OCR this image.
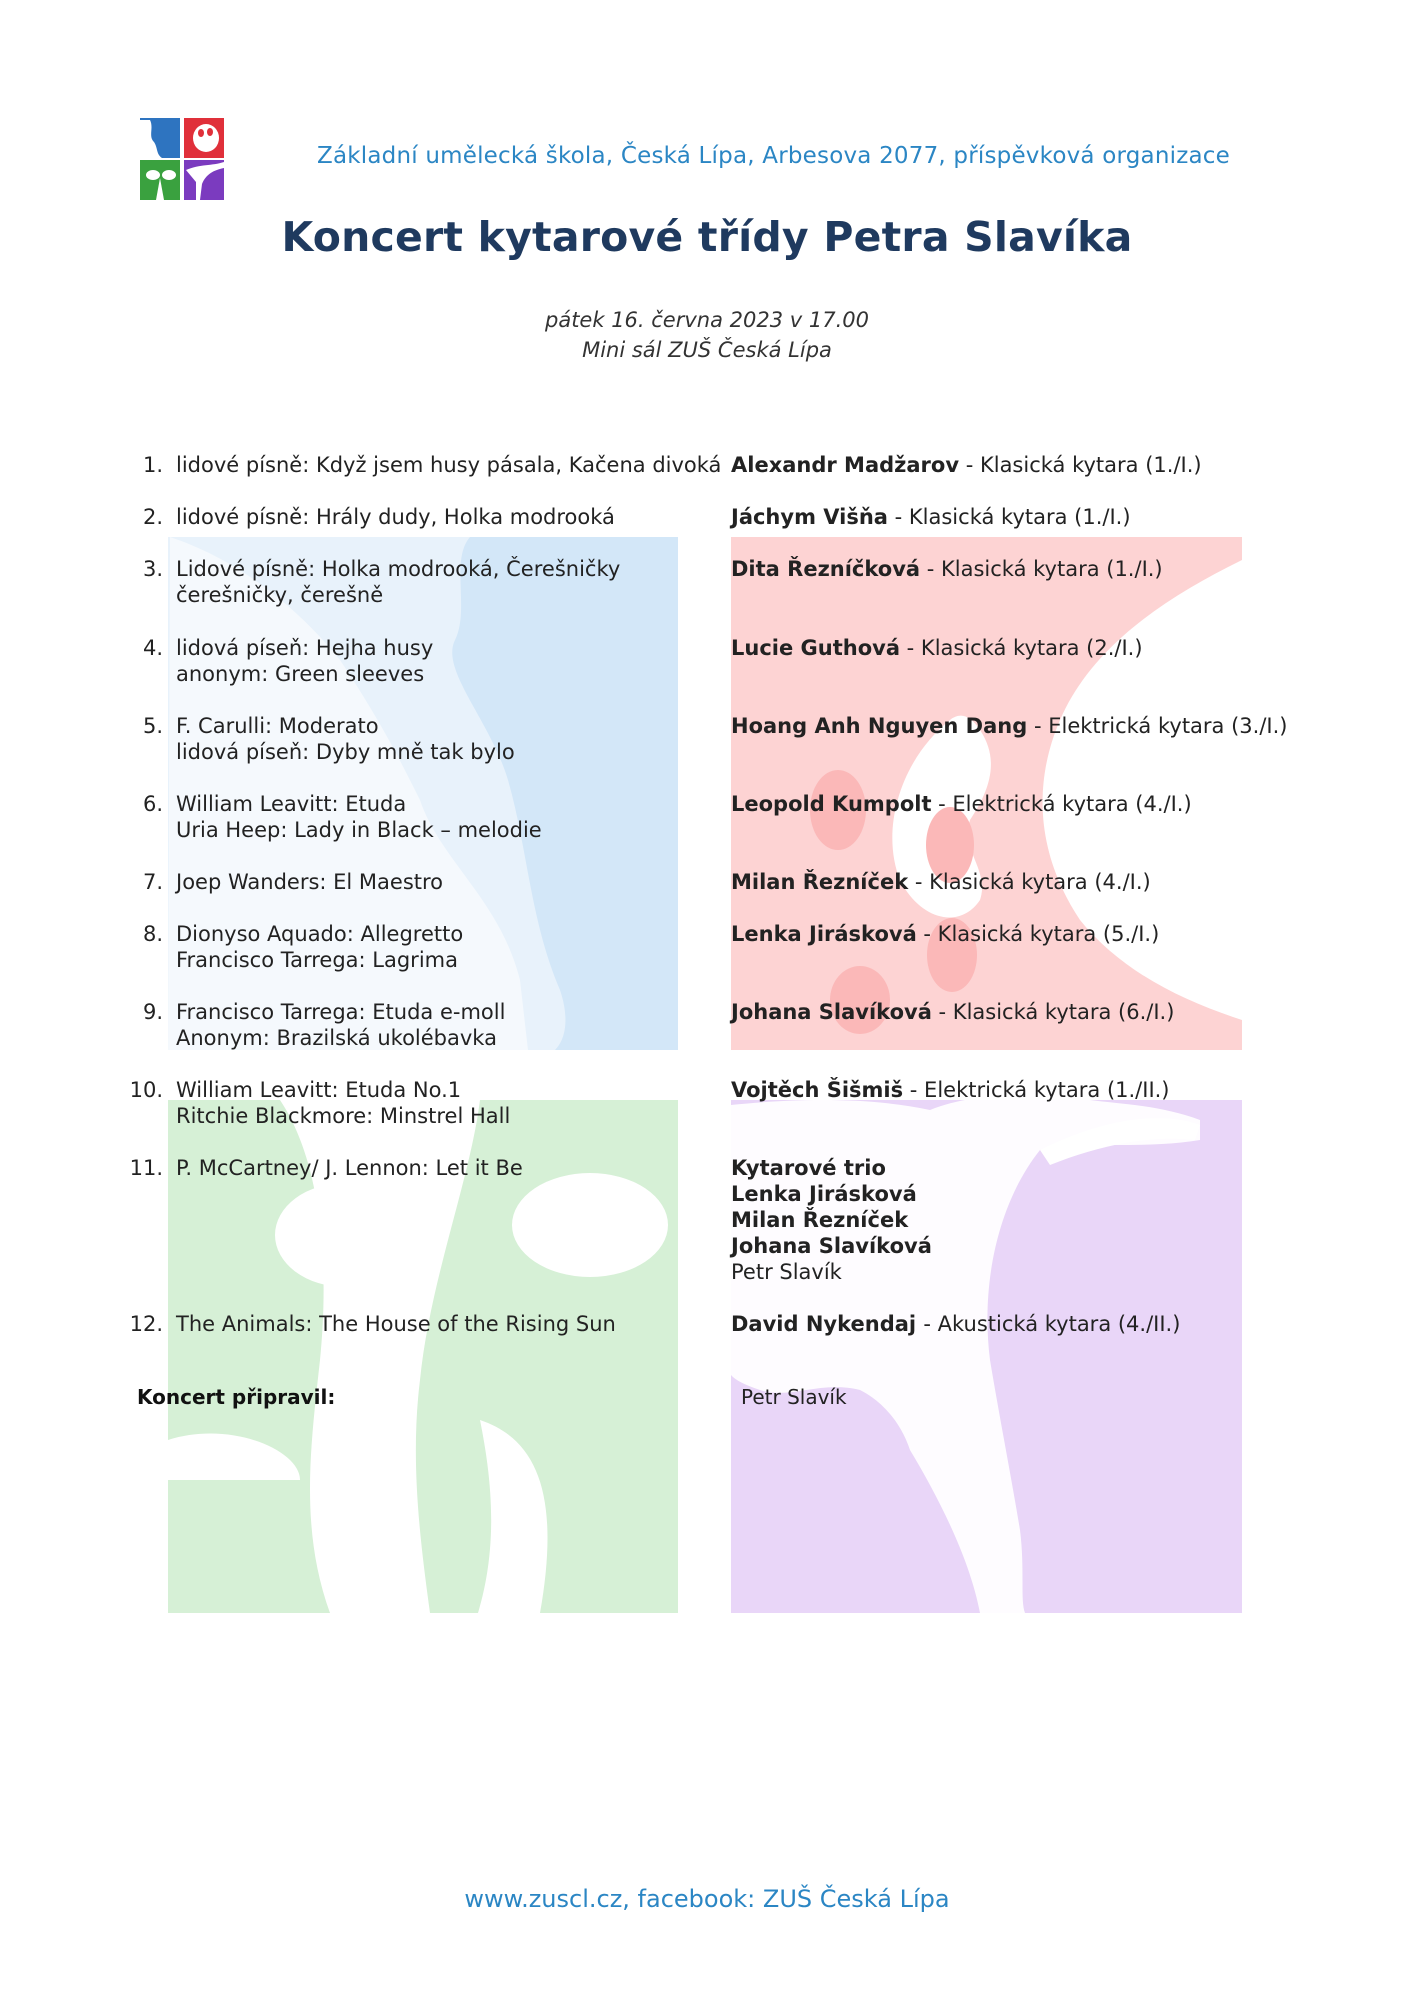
Základní umělecká škola, Česká Lípa, Arbesova 2077, příspěvková organizace
Koncert kytarové třídy Petra Slavíka
pátek 16. června 2023 v 17.00
Mini sál ZUŠ Česká Lípa
1. lidové písně: Když jsem husy pásala, Kačena divoká Alexandr Madžarov - Klasická kytara (1./I.)
2. lidové písně: Hrály dudy, Holka modrooká	Jáchym Višňa - Klasická kytara (1./I.)
3. Lidové písně: Holka modrooká, Čerešničky
čerešničky, čerešně
Dita Řezníčková - Klasická kytara (1./I.)
4. lidová píseň: Hejha husy
anonym: Green sleeves
Lucie Guthová - Klasická kytara (2./I.)
5. F. Carulli: Moderato
lidová píseň: Dyby mně tak bylo
Hoang Anh Nguyen Dang - Elektrická kytara (3./I.)
6. William Leavitt: Etuda
Uria Heep: Lady in Black – melodie
Leopold Kumpolt - Elektrická kytara (4./I.)
7. Joep Wanders: El Maestro	Milan Řezníček - Klasická kytara (4./I.)
8. Dionyso Aquado: Allegretto
Francisco Tarrega: Lagrima
Lenka Jirásková - Klasická kytara (5./I.)
9. Francisco Tarrega: Etuda e-moll
Anonym: Brazilská ukolébavka
Johana Slavíková - Klasická kytara (6./I.)
10. William Leavitt: Etuda No.1
Ritchie Blackmore: Minstrel Hall
Vojtěch Šišmiš - Elektrická kytara (1./II.)
11. P. McCartney/ J. Lennon: Let it Be	Kytarové trio
Lenka Jirásková
Milan Řezníček
Johana Slavíková
Petr Slavík
12. The Animals: The House of the Rising Sun	David Nykendaj - Akustická kytara (4./II.)
Koncert připravil:	Petr Slavík
www.zuscl.cz, facebook: ZUŠ Česká Lípa
